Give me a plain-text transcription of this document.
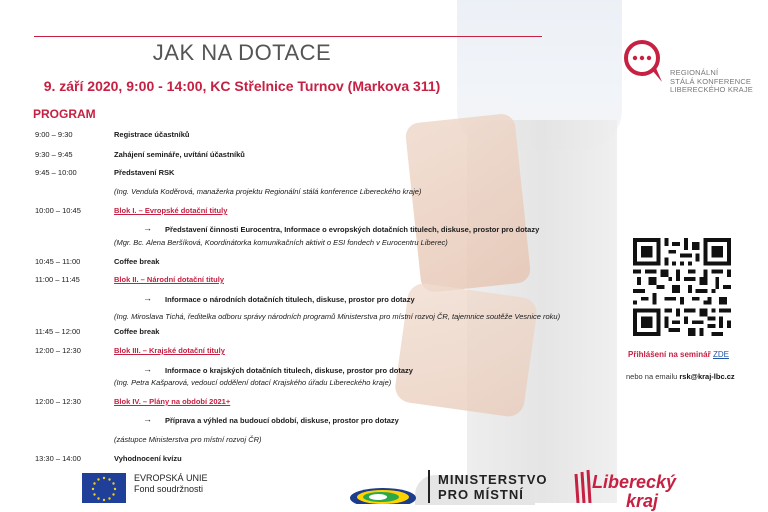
JAK NA DOTACE
9. září 2020, 9:00 - 14:00, KC Střelnice Turnov (Markova 311)
PROGRAM
9:00 – 9:30	Registrace účastníků
9:30 – 9:45	Zahájení semináře, uvítání účastníků
9:45 – 10:00	Představení RSK
(Ing. Vendula Koděrová, manažerka projektu Regionální stálá konference Libereckého kraje)
10:00 – 10:45	Blok I. – Evropské dotační tituly
→ Představení činnosti Eurocentra, Informace o evropských dotačních titulech, diskuse, prostor pro dotazy
(Mgr. Bc. Alena Beršíková, Koordinátorka komunikačních aktivit o ESI fondech v Eurocentru Liberec)
10:45 – 11:00	Coffee break
11:00 – 11:45	Blok II. – Národní dotační tituly
→ Informace o národních dotačních titulech, diskuse, prostor pro dotazy
(Ing. Miroslava Tichá, ředitelka odboru správy národních programů Ministerstva pro místní rozvoj ČR, tajemnice soutěže Vesnice roku)
11:45 – 12:00	Coffee break
12:00 – 12:30	Blok III. – Krajské dotační tituly
→ Informace o krajských dotačních titulech, diskuse, prostor pro dotazy
(Ing. Petra Kašparová, vedoucí oddělení dotací Krajského úřadu Libereckého kraje)
12:00 – 12:30	Blok IV. – Plány na období 2021+
→ Příprava a výhled na budoucí období, diskuse, prostor pro dotazy
(zástupce Ministerstva pro místní rozvoj ČR)
13:30 – 14:00	Vyhodnocení kvízu
REGIONÁLNÍ
STÁLÁ KONFERENCE
LIBERECKÉHO KRAJE
Přihlášení na seminář ZDE
nebo na emailu rsk@kraj-lbc.cz
EVROPSKÁ UNIE
Fond soudržnosti
MINISTERSTVO
PRO MÍSTNÍ
Liberecký
kraj
